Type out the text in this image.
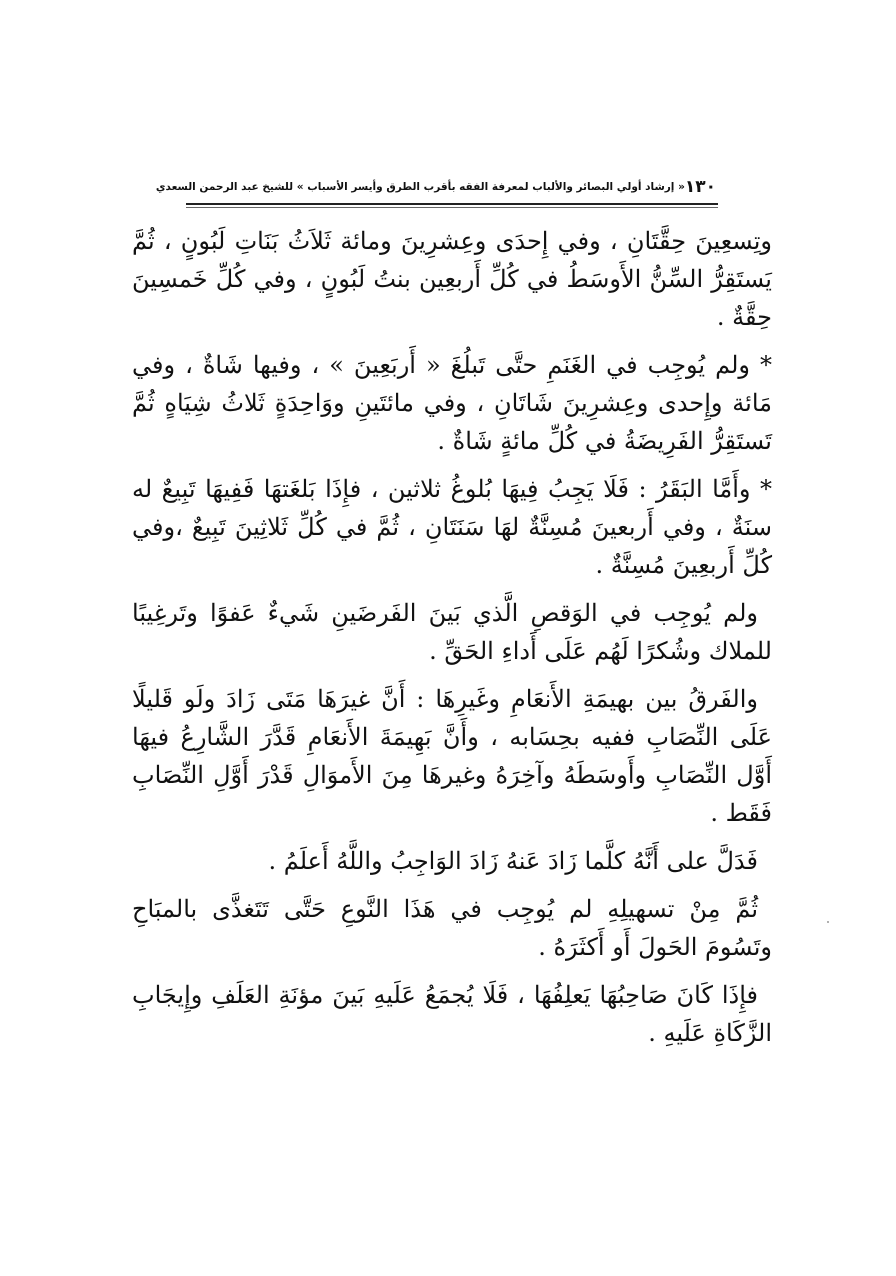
١٣٠
« إرشاد أولي البصائر والألباب لمعرفة الفقه بأقرب الطرق وأيسر الأسباب » للشيخ عبد الرحمن السعدي

وتِسعِينَ حِقَّتَانِ ، وفي إِحدَى وعِشرِينَ ومائة ثَلاَثُ بَنَاتِ لَبُونٍ ، ثُمَّ يَستَقِرُّ السِّنُّ الأَوسَطُ في كُلِّ أَربعِين بنتُ لَبُونٍ ، وفي كُلِّ خَمسِينَ حِقَّةٌ .

* ولم يُوجِب في الغَنَمِ حتَّى تَبلُغَ « أَربَعِينَ » ، وفيها شَاةٌ ، وفي مَائة وإِحدى وعِشرِينَ شَاتَانِ ، وفي مائتَينِ ووَاحِدَةٍ ثَلاثُ شِيَاهٍ ثُمَّ تَستَقِرُّ الفَرِيضَةُ في كُلِّ مائةٍ شَاةٌ .

* وأَمَّا البَقَرُ : فَلَا يَجِبُ فِيهَا بُلوغُ ثلاثين ، فإِذَا بَلغَتهَا فَفِيهَا تَبِيعٌ له سنَةٌ ، وفي أَربعينَ مُسِنَّةٌ لهَا سَنَتَانِ ، ثُمَّ في كُلِّ ثَلاثِينَ تَبِيعٌ ،وفي كُلِّ أَربعِينَ مُسِنَّةٌ .

ولم يُوجِب في الوَقصِ الَّذي بَينَ الفَرضَينِ شَيءٌ عَفوًا وتَرغِيبًا للملاك وشُكرًا لَهُم عَلَى أَداءِ الحَقِّ .

والفَرقُ بين بهيمَةِ الأَنعَامِ وغَيرِهَا : أَنَّ غيرَهَا مَتَى زَادَ ولَو قَليلًا عَلَى النِّصَابِ ففيه بحِسَابه ، وأَنَّ بَهِيمَةَ الأَنعَامِ قَدَّرَ الشَّارِعُ فيهَا أَوَّل النِّصَابِ وأَوسَطَهُ وآخِرَهُ وغيرهَا مِنَ الأَموَالِ قَدْرَ أَوَّلِ النِّصَابِ فَقَط .

فَدَلَّ على أَنَّهُ كلَّما زَادَ عَنهُ زَادَ الوَاجِبُ واللَّهُ أَعلَمُ .

ثُمَّ مِنْ تسهيلِهِ لم يُوجِب في هَذَا النَّوعِ حَتَّى تَتَغذَّى بالمبَاحِ وتَسُومَ الحَولَ أَو أَكثَرَهُ .

فإِذَا كَانَ صَاحِبُهَا يَعلِفُهَا ، فَلَا يُجمَعُ عَلَيهِ بَينَ مؤنَةِ العَلَفِ وإِيجَابِ الزَّكَاةِ عَلَيهِ .
